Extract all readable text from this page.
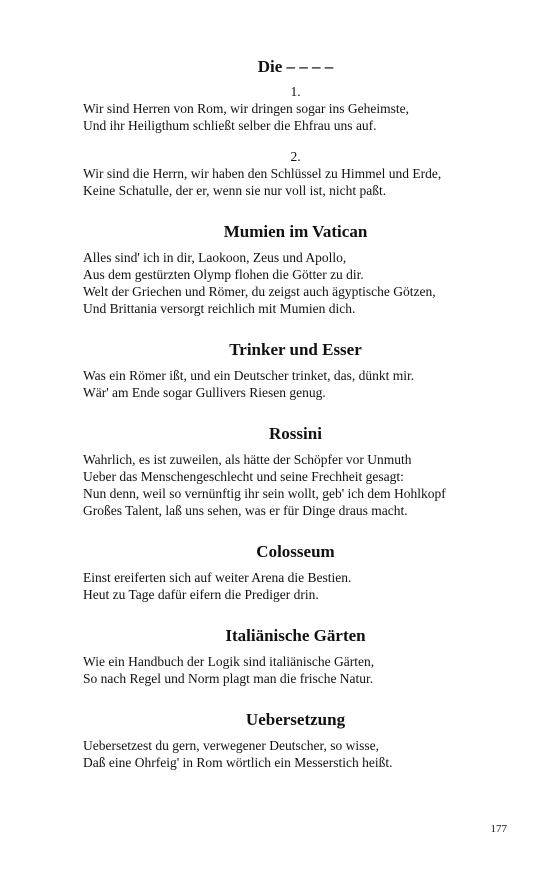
Die – – – –
1.
Wir sind Herren von Rom, wir dringen sogar ins Geheimste,
Und ihr Heiligthum schließt selber die Ehfrau uns auf.
2.
Wir sind die Herrn, wir haben den Schlüssel zu Himmel und Erde,
Keine Schatulle, der er, wenn sie nur voll ist, nicht paßt.
Mumien im Vatican
Alles sind' ich in dir, Laokoon, Zeus und Apollo,
Aus dem gestürzten Olymp flohen die Götter zu dir.
Welt der Griechen und Römer, du zeigst auch ägyptische Götzen,
Und Brittania versorgt reichlich mit Mumien dich.
Trinker und Esser
Was ein Römer ißt, und ein Deutscher trinket, das, dünkt mir.
Wär' am Ende sogar Gullivers Riesen genug.
Rossini
Wahrlich, es ist zuweilen, als hätte der Schöpfer vor Unmuth
Ueber das Menschengeschlecht und seine Frechheit gesagt:
Nun denn, weil so vernünftig ihr sein wollt, geb' ich dem Hohlkopf
Großes Talent, laß uns sehen, was er für Dinge draus macht.
Colosseum
Einst ereiferten sich auf weiter Arena die Bestien.
Heut zu Tage dafür eifern die Prediger drin.
Italiänische Gärten
Wie ein Handbuch der Logik sind italiänische Gärten,
So nach Regel und Norm plagt man die frische Natur.
Uebersetzung
Uebersetzest du gern, verwegener Deutscher, so wisse,
Daß eine Ohrfeig' in Rom wörtlich ein Messerstich heißt.
177
